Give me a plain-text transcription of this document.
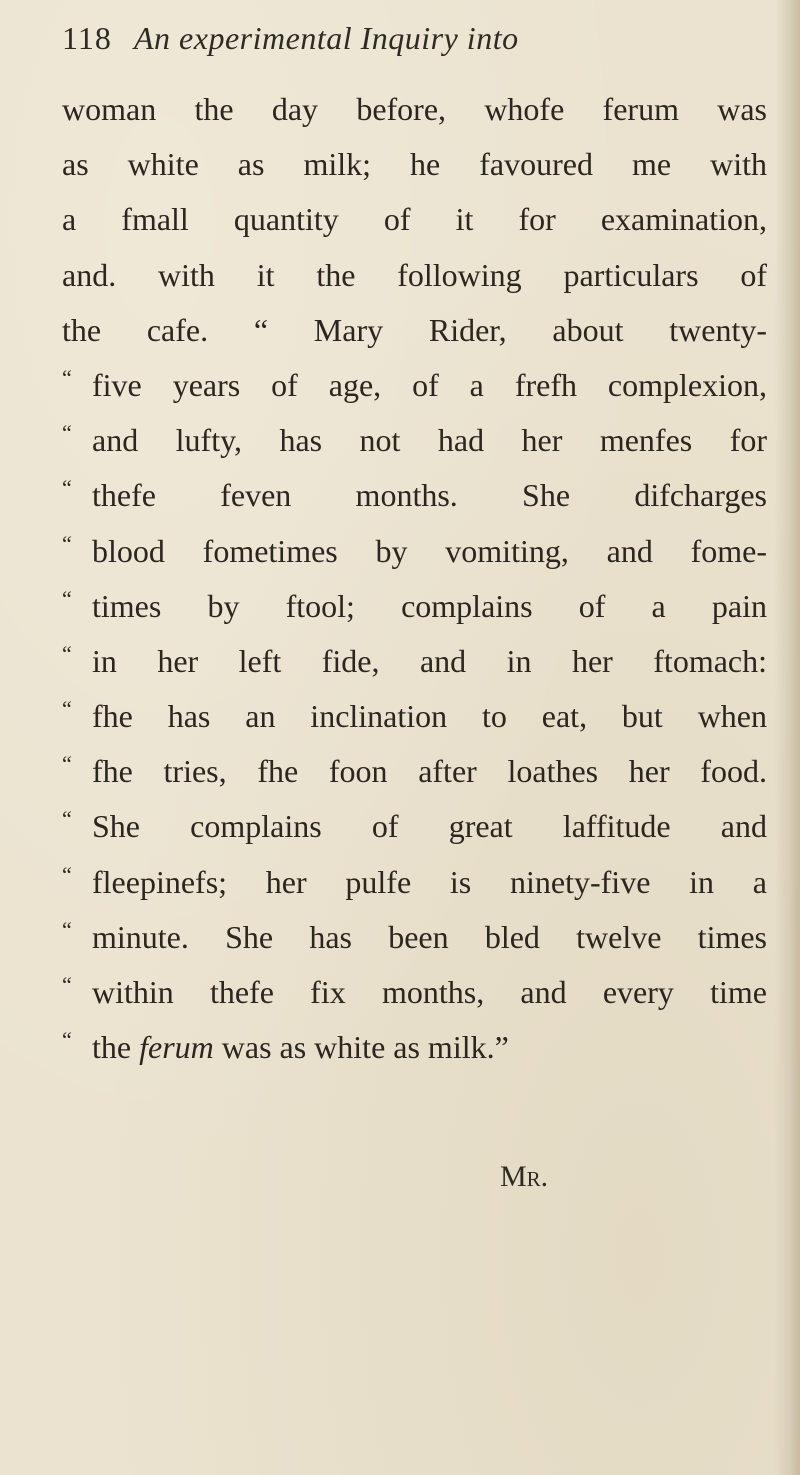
118 An experimental Inquiry into
woman the day before, whofe ferum was
as white as milk; he favoured me with
a fmall quantity of it for examination,
and. with it the following particulars of
the cafe. “ Mary Rider, about twenty-
“ five years of age, of a frefh complexion,
“ and lufty, has not had her menfes for
“ thefe feven months. She difcharges
“ blood fometimes by vomiting, and fome-
“ times by ftool; complains of a pain
“ in her left fide, and in her ftomach:
“ fhe has an inclination to eat, but when
“ fhe tries, fhe foon after loathes her food.
“ She complains of great laffitude and
“ fleepinefs; her pulfe is ninety-five in a
“ minute. She has been bled twelve times
“ within thefe fix months, and every time
“ the ferum was as white as milk.”
Mr.
